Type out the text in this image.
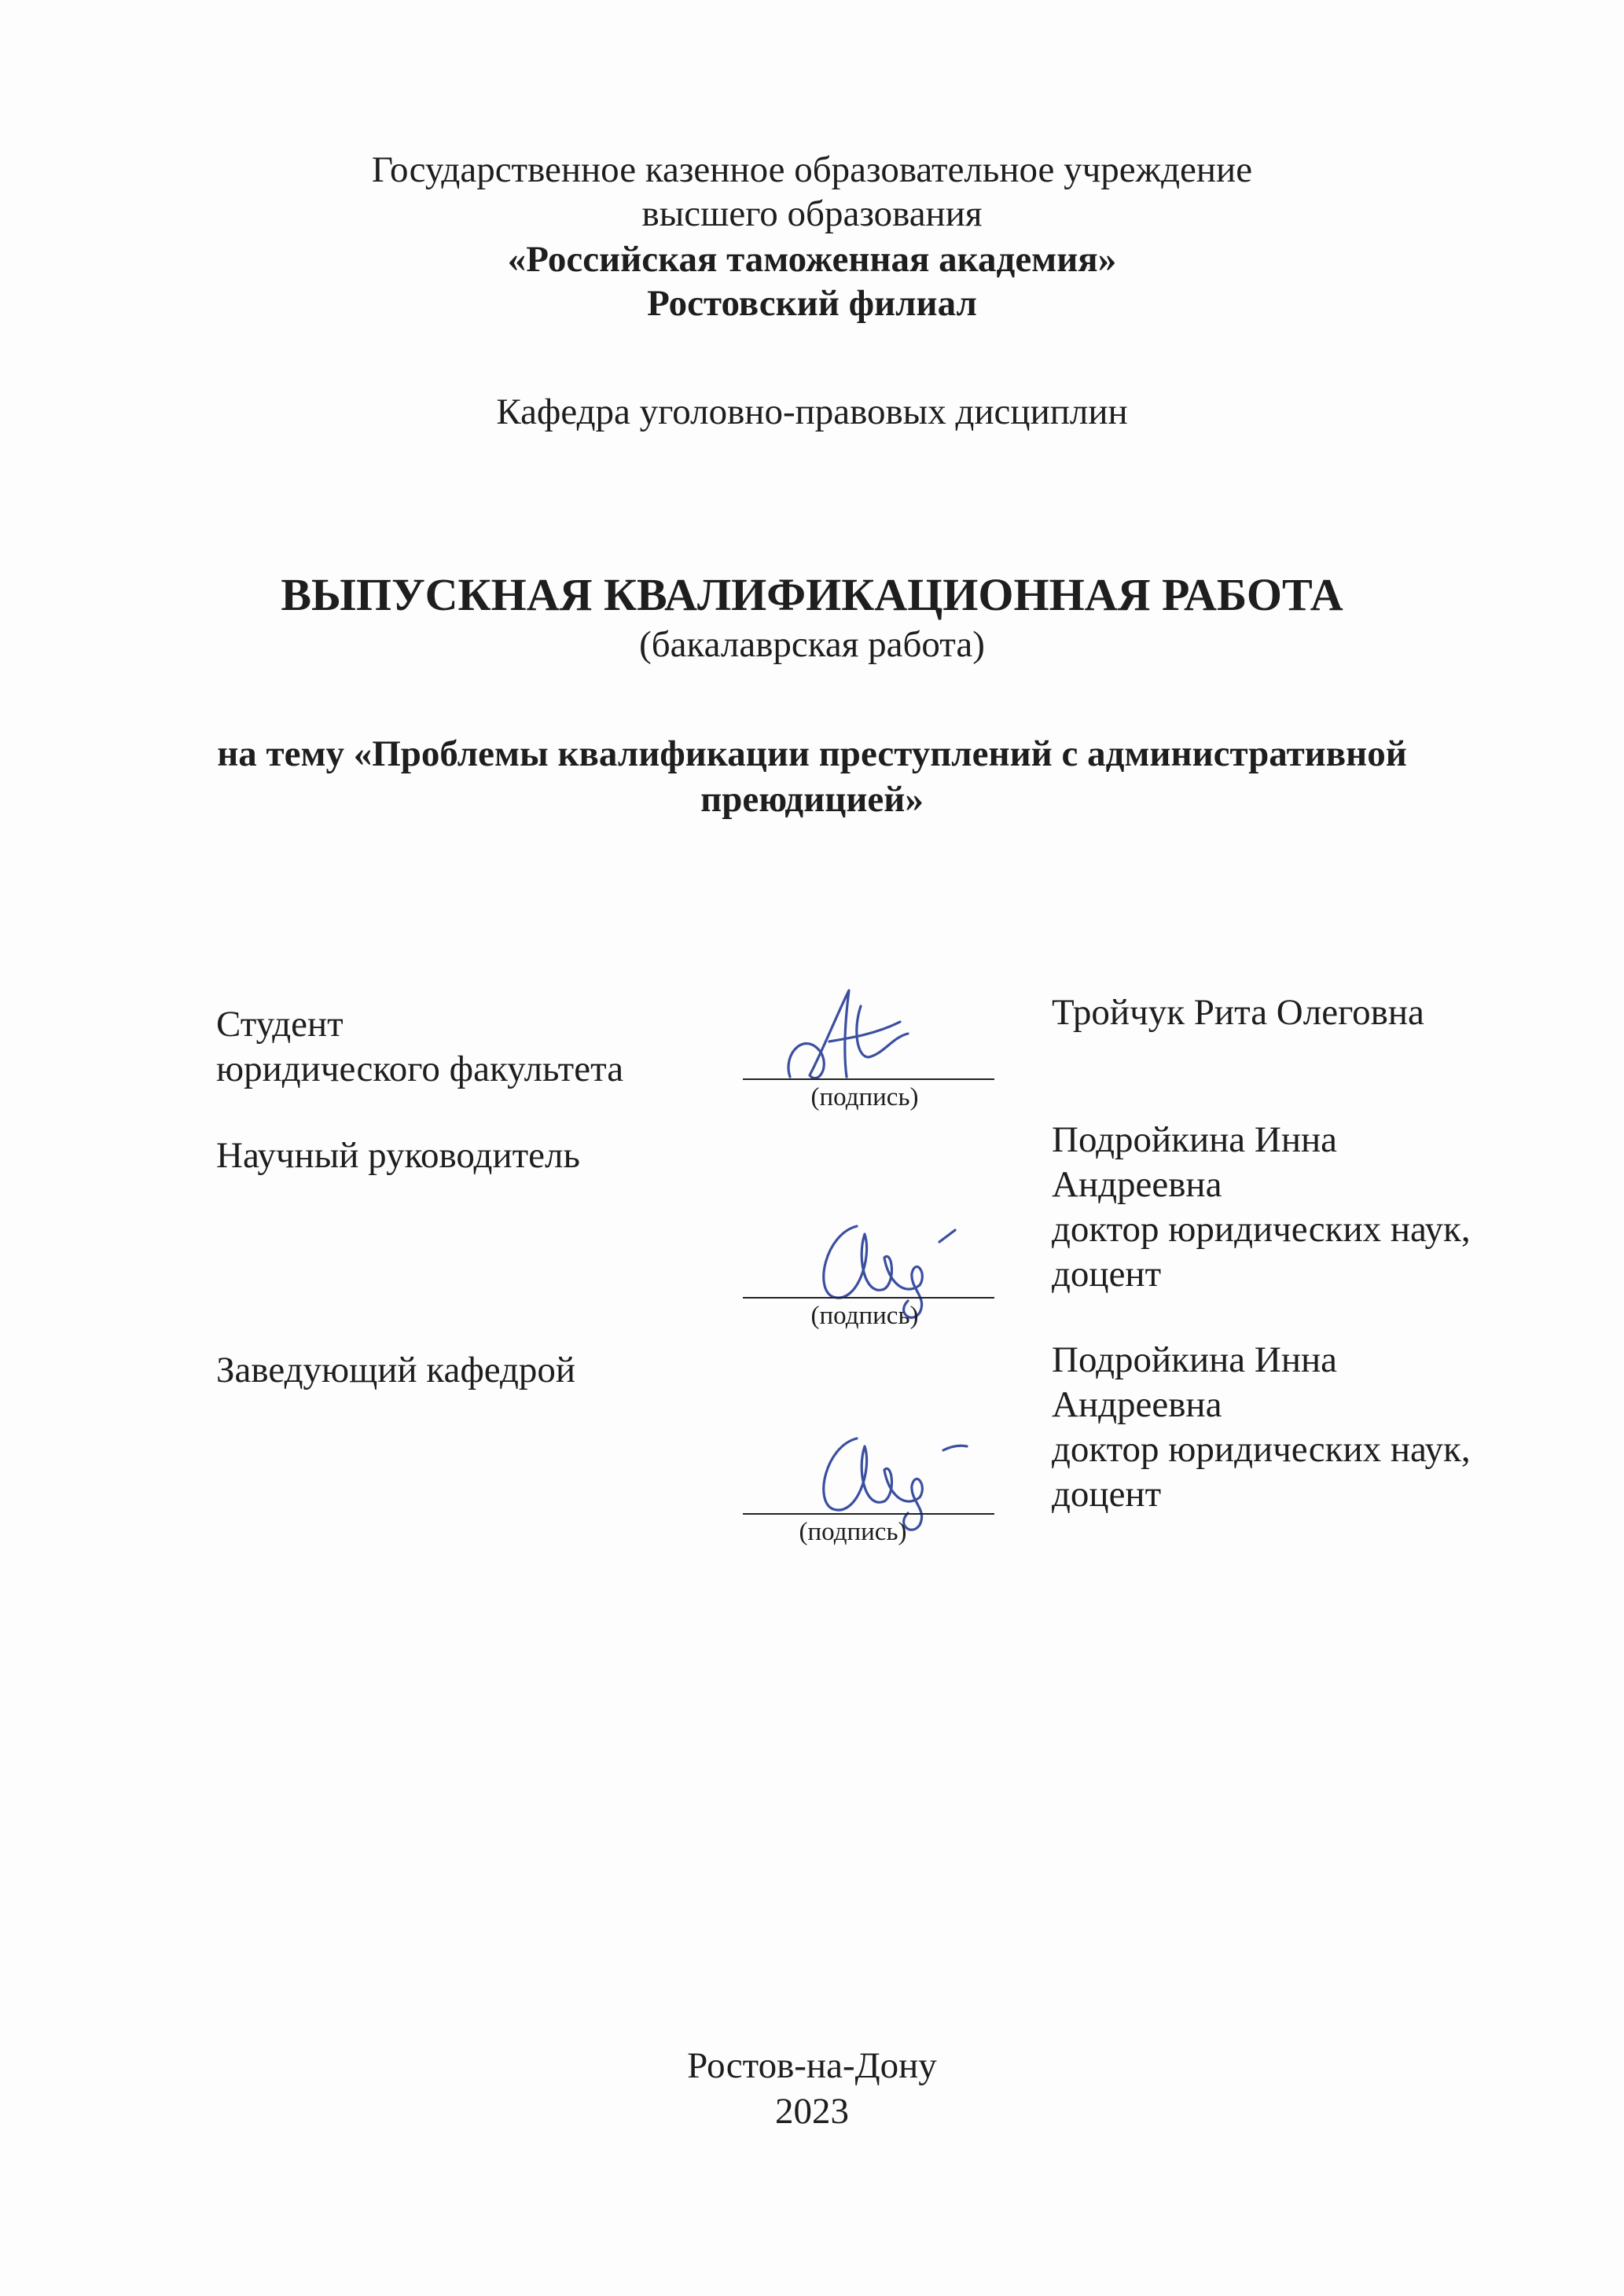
Государственное казенное образовательное учреждение
высшего образования
«Российская таможенная академия»
Ростовский филиал
Кафедра уголовно-правовых дисциплин
ВЫПУСКНАЯ КВАЛИФИКАЦИОННАЯ РАБОТА
(бакалаврская работа)
на тему «Проблемы квалификации преступлений с административной
преюдицией»
Студент
юридического факультета
(подпись)
Тройчук Рита Олеговна
Научный руководитель
(подпись)
Подройкина Инна
Андреевна
доктор юридических наук,
доцент
Заведующий кафедрой
(подпись)
Подройкина Инна
Андреевна
доктор юридических наук,
доцент
Ростов-на-Дону
2023
